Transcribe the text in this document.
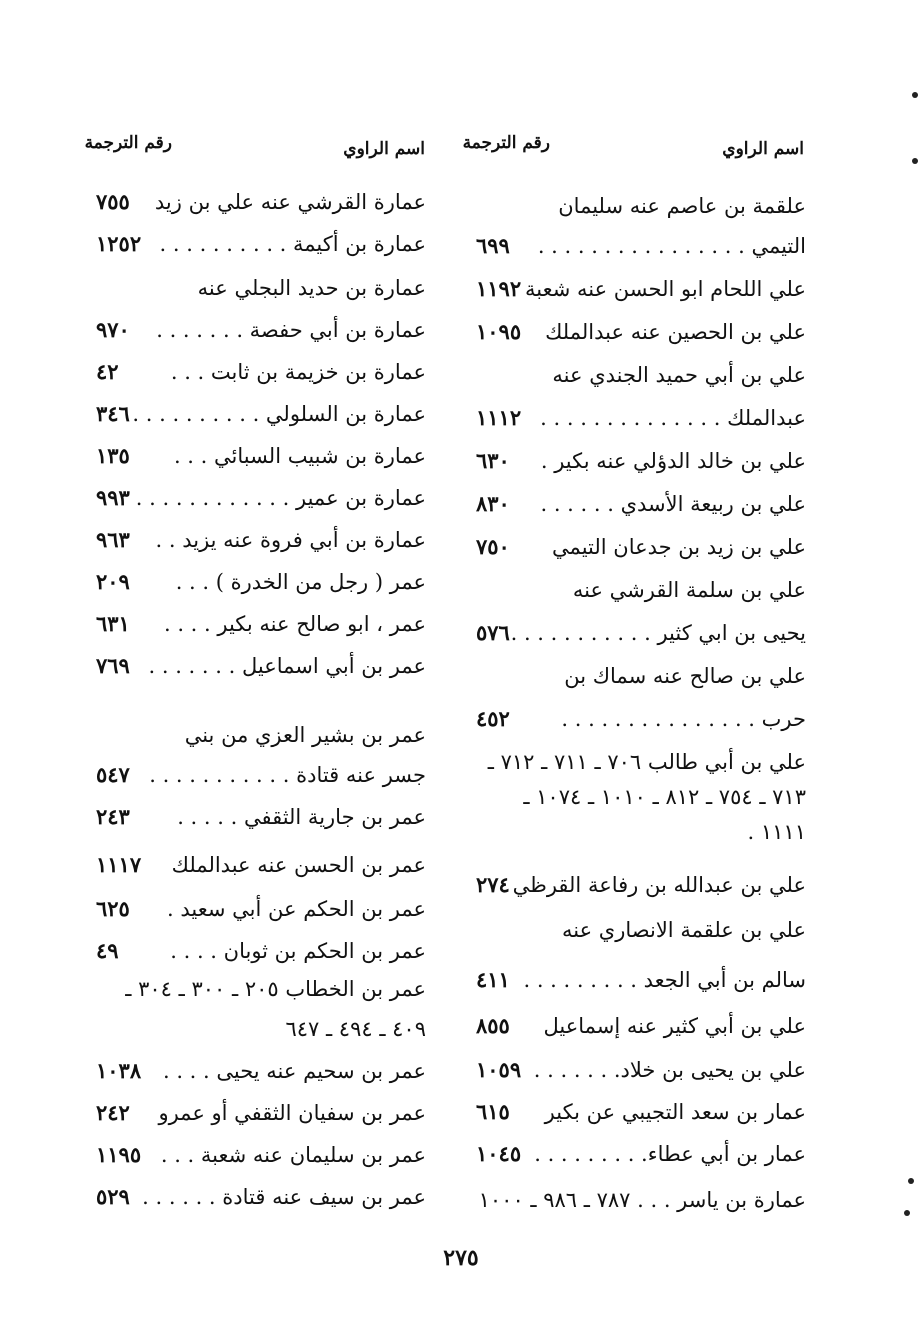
اسم الراوي
رقم الترجمة
اسم الراوي
رقم الترجمة
علقمة بن عاصم عنه سليمان
التيمي . . . . . . . . . . . . . . . .
٦٩٩
علي اللحام ابو الحسن عنه شعبة
١١٩٢
علي بن الحصين عنه عبدالملك
١٠٩٥
علي بن أبي حميد الجندي عنه
عبدالملك . . . . . . . . . . . . . .
١١١٢
علي بن خالد الدؤلي عنه بكير .
٦٣٠
علي بن ربيعة الأسدي . . . . . .
٨٣٠
علي بن زيد بن جدعان التيمي
٧٥٠
علي بن سلمة القرشي عنه
يحيى بن ابي كثير . . . . . . . . . . .
٥٧٦
علي بن صالح عنه سماك بن
حرب . . . . . . . . . . . . . . .
٤٥٢
علي بن أبي طالب ٧٠٦ ـ ٧١١ ـ ٧١٢ ـ
٧١٣ ـ ٧٥٤ ـ ٨١٢ ـ ١٠١٠ ـ ١٠٧٤ ـ
١١١١ .
علي بن عبدالله بن رفاعة القرظي
٢٧٤
علي بن علقمة الانصاري عنه
سالم بن أبي الجعد . . . . . . . . .
٤١١
علي بن أبي كثير عنه إسماعيل
٨٥٥
علي بن يحيى بن خلاد. . . . . . .
١٠٥٩
عمار بن سعد التجيبي عن بكير
٦١٥
عمار بن أبي عطاء. . . . . . . . .
١٠٤٥
عمارة بن ياسر . . . ٧٨٧ ـ ٩٨٦ ـ ١٠٠٠
عمارة القرشي عنه علي بن زيد
٧٥٥
عمارة بن أكيمة . . . . . . . . . .
١٢٥٢
عمارة بن حديد البجلي عنه
عمارة بن أبي حفصة . . . . . . .
٩٧٠
عمارة بن خزيمة بن ثابت . . .
٤٢
عمارة بن السلولي . . . . . . . . . .
٣٤٦
عمارة بن شبيب السبائي . . .
١٣٥
عمارة بن عمير . . . . . . . . . . . .
٩٩٣
عمارة بن أبي فروة عنه يزيد . .
٩٦٣
عمر ( رجل من الخدرة ) . . .
٢٠٩
عمر ، ابو صالح عنه بكير . . . .
٦٣١
عمر بن أبي اسماعيل . . . . . . .
٧٦٩
عمر بن بشير العزي من بني
جسر عنه قتادة . . . . . . . . . . .
٥٤٧
عمر بن جارية الثقفي . . . . .
٢٤٣
عمر بن الحسن عنه عبدالملك
١١١٧
عمر بن الحكم عن أبي سعيد .
٦٢٥
عمر بن الحكم بن ثوبان . . . .
٤٩
عمر بن الخطاب ٢٠٥ ـ ٣٠٠ ـ ٣٠٤ ـ
٤٠٩ ـ ٤٩٤ ـ ٦٤٧
عمر بن سحيم عنه يحيى . . . .
١٠٣٨
عمر بن سفيان الثقفي أو عمرو
٢٤٢
عمر بن سليمان عنه شعبة . . .
١١٩٥
عمر بن سيف عنه قتادة . . . . . .
٥٢٩
٢٧٥
